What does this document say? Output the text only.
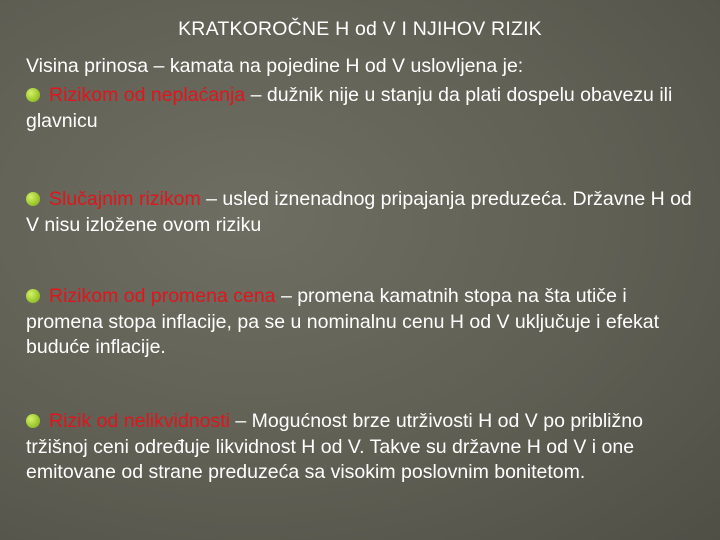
KRATKOROČNE H od V I NJIHOV RIZIK
Visina prinosa – kamata na pojedine H od V uslovljena je:
Rizikom od neplaćanja – dužnik nije u stanju da plati dospelu obavezu ili glavnicu
Slučajnim rizikom – usled iznenadnog pripajanja preduzeća. Državne H od V nisu izložene ovom riziku
Rizikom od promena cena – promena kamatnih stopa na šta utiče i promena stopa inflacije, pa se u nominalnu cenu H od V uključuje i efekat buduće inflacije.
Rizik od nelikvidnosti – Mogućnost brze utrživosti H od V po približno tržišnoj ceni određuje likvidnost H od V. Takve su državne H od V i one emitovane od strane preduzeća sa visokim poslovnim bonitetom.
